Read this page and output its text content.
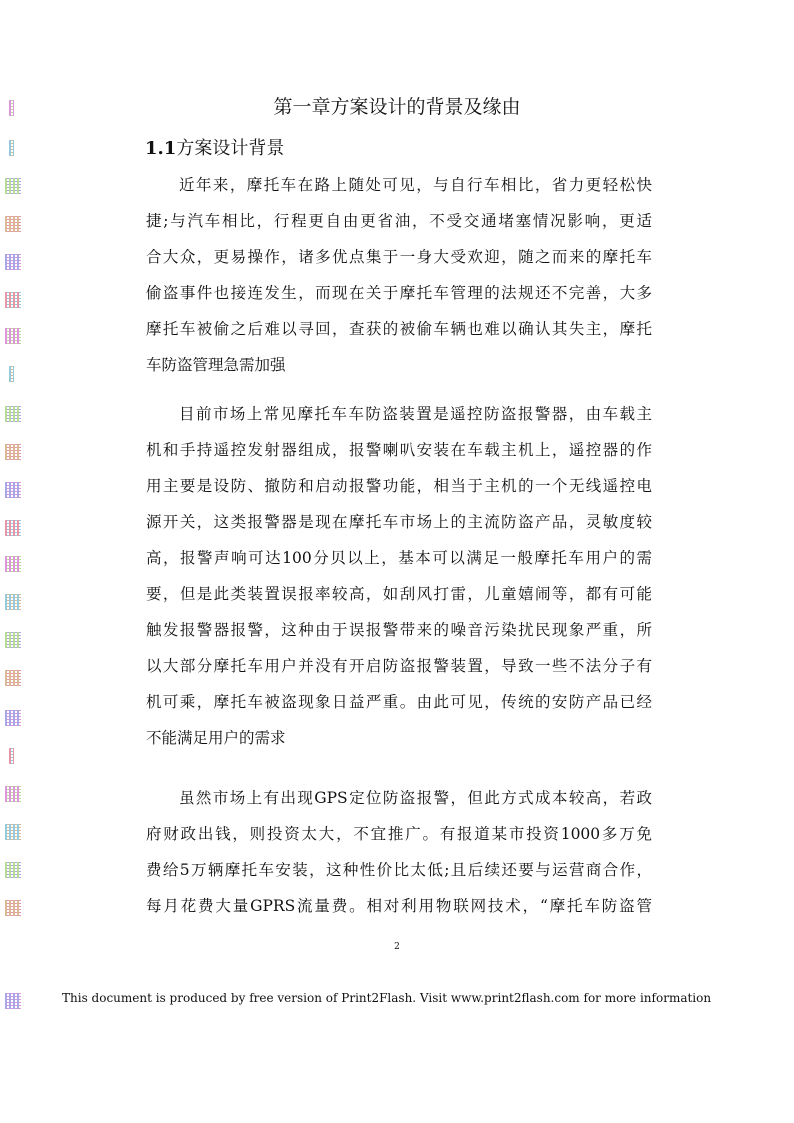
第一章方案设计的背景及缘由
1.1方案设计背景
近年来，摩托车在路上随处可见，与自行车相比，省力更轻松快
捷;与汽车相比，行程更自由更省油，不受交通堵塞情况影响，更适
合大众，更易操作，诸多优点集于一身大受欢迎，随之而来的摩托车
偷盗事件也接连发生，而现在关于摩托车管理的法规还不完善，大多
摩托车被偷之后难以寻回，查获的被偷车辆也难以确认其失主，摩托
车防盗管理急需加强
目前市场上常见摩托车车防盗装置是遥控防盗报警器，由车载主
机和手持遥控发射器组成，报警喇叭安装在车载主机上，遥控器的作
用主要是设防、撤防和启动报警功能，相当于主机的一个无线遥控电
源开关，这类报警器是现在摩托车市场上的主流防盗产品，灵敏度较
高，报警声响可达100分贝以上，基本可以满足一般摩托车用户的需
要，但是此类装置误报率较高，如刮风打雷，儿童嬉闹等，都有可能
触发报警器报警，这种由于误报警带来的噪音污染扰民现象严重，所
以大部分摩托车用户并没有开启防盗报警装置，导致一些不法分子有
机可乘，摩托车被盗现象日益严重。由此可见，传统的安防产品已经
不能满足用户的需求
虽然市场上有出现GPS定位防盗报警，但此方式成本较高，若政
府财政出钱，则投资太大，不宜推广。有报道某市投资1000多万免
费给5万辆摩托车安装，这种性价比太低;且后续还要与运营商合作，
每月花费大量GPRS流量费。相对利用物联网技术，“摩托车防盗管
2
This document is produced by free version of Print2Flash. Visit www.print2flash.com for more information
